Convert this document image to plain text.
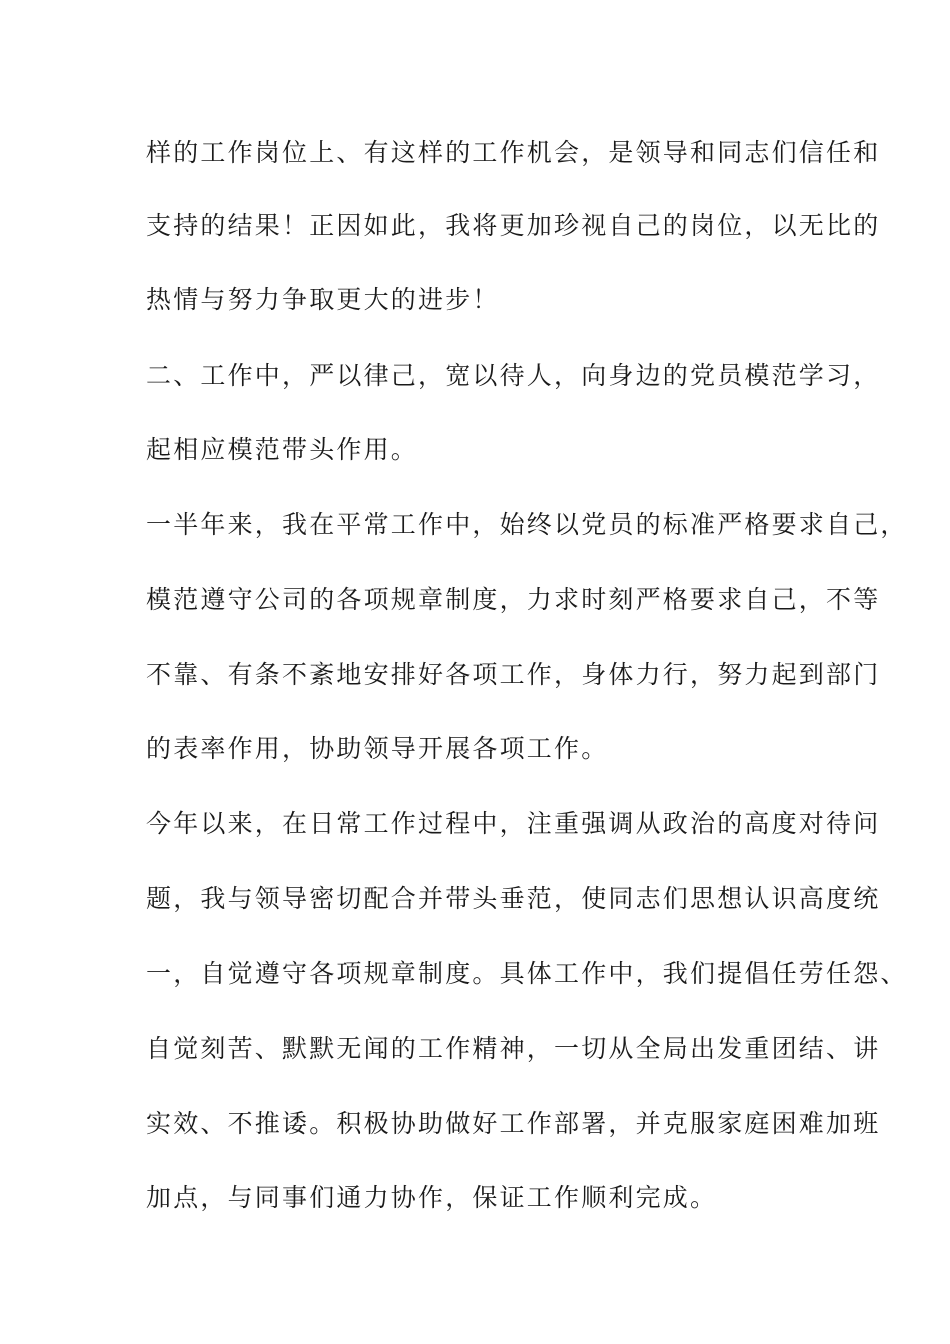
样的工作岗位上、有这样的工作机会，是领导和同志们信任和
支持的结果！正因如此，我将更加珍视自己的岗位，以无比的
热情与努力争取更大的进步！
二、工作中，严以律己，宽以待人，向身边的党员模范学习，
起相应模范带头作用。
一半年来，我在平常工作中，始终以党员的标准严格要求自己，
模范遵守公司的各项规章制度，力求时刻严格要求自己，不等
不靠、有条不紊地安排好各项工作，身体力行，努力起到部门
的表率作用，协助领导开展各项工作。
今年以来，在日常工作过程中，注重强调从政治的高度对待问
题，我与领导密切配合并带头垂范，使同志们思想认识高度统
一，自觉遵守各项规章制度。具体工作中，我们提倡任劳任怨、
自觉刻苦、默默无闻的工作精神，一切从全局出发重团结、讲
实效、不推诿。积极协助做好工作部署，并克服家庭困难加班
加点，与同事们通力协作，保证工作顺利完成。
